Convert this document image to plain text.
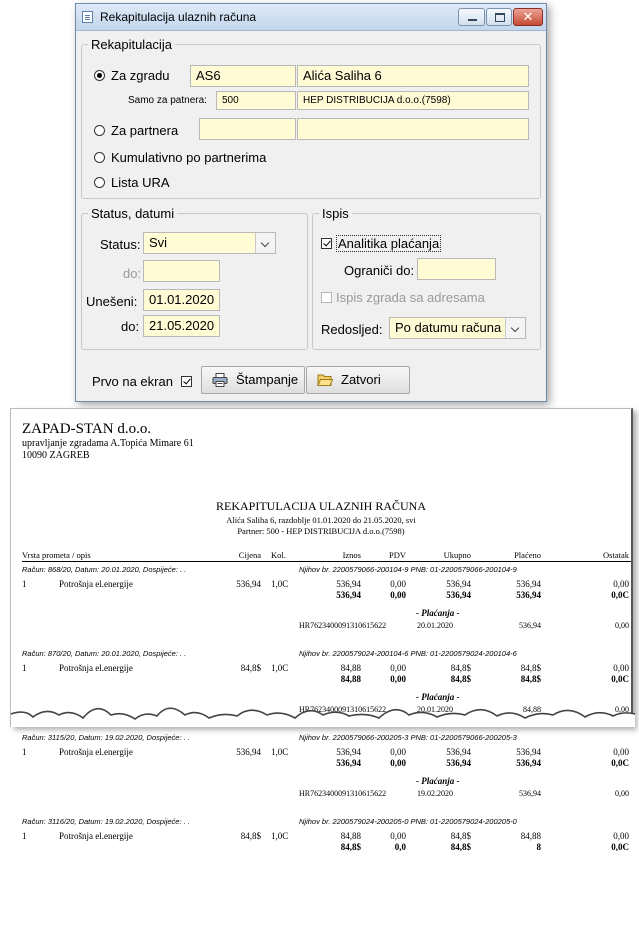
Rekapitulacija ulaznih računa	✕
Rekapitulacija
Za zgradu	AS6	Alića Saliha 6
Samo za patnera:	500	HEP DISTRIBUCIJA d.o.o.(7598)
Za partnera
Kumulativno po partnerima
Lista URA
Status, datumi
Status: Svi
do:
Unešeni: 01.01.2020
do: 21.05.2020
Ispis
Analitika plaćanja
Ograniči do:
Ispis zgrada sa adresama
Redosljed: Po datumu računa
Prvo na ekran	Štampanje	Zatvori
ZAPAD-STAN d.o.o.
upravljanje zgradama A.Topića Mimare 61
10090 ZAGREB
REKAPITULACIJA ULAZNIH RAČUNA
Alića Saliha 6, razdoblje 01.01.2020 do 21.05.2020, svi
Partner: 500 - HEP DISTRIBUCIJA d.o.o.(7598)
Vrsta prometa / opis	Cijena Kol.	Iznos	PDV	Ukupno	Plaćeno	Ostatak
Račun: 868/20, Datum: 20.01.2020, Dospijeće: . .	Njihov br. 2200579066-200104-9 PNB: 01-2200579066-200104-9
1	Potrošnja el.energije	536,94 1,0C	536,94	0,00	536,94	536,94	0,00
536,94	0,00	536,94	536,94	0,0C
- Plaćanja -
HR7623400091310615622	20.01.2020	536,94	0,00
Račun: 870/20, Datum: 20.01.2020, Dospijeće: . .	Njihov br. 2200579024-200104-6 PNB: 01-2200579024-200104-6
1	Potrošnja el.energije	84,8$ 1,0C	84,88	0,00	84,8$	84,8$	0,00
84,88	0,00	84,8$	84,8$	0,0C
- Plaćanja -
HR7623400091310615622	20.01.2020	84,88	0,00
Račun: 3115/20, Datum: 19.02.2020, Dospijeće: . .	Njihov br. 2200579066-200205-3 PNB: 01-2200579066-200205-3
1	Potrošnja el.energije	536,94 1,0C	536,94	0,00	536,94	536,94	0,00
536,94	0,00	536,94	536,94	0,0C
- Plaćanja -
HR7623400091310615622	19.02.2020	536,94	0,00
Račun: 3116/20, Datum: 19.02.2020, Dospijeće: . .	Njihov br. 2200579024-200205-0 PNB: 01-2200579024-200205-0
1	Potrošnja el.energije	84,8$ 1,0C	84,88	0,00	84,8$	84,88	0,00
84,8$	0,0	84,8$	8	0,0C
